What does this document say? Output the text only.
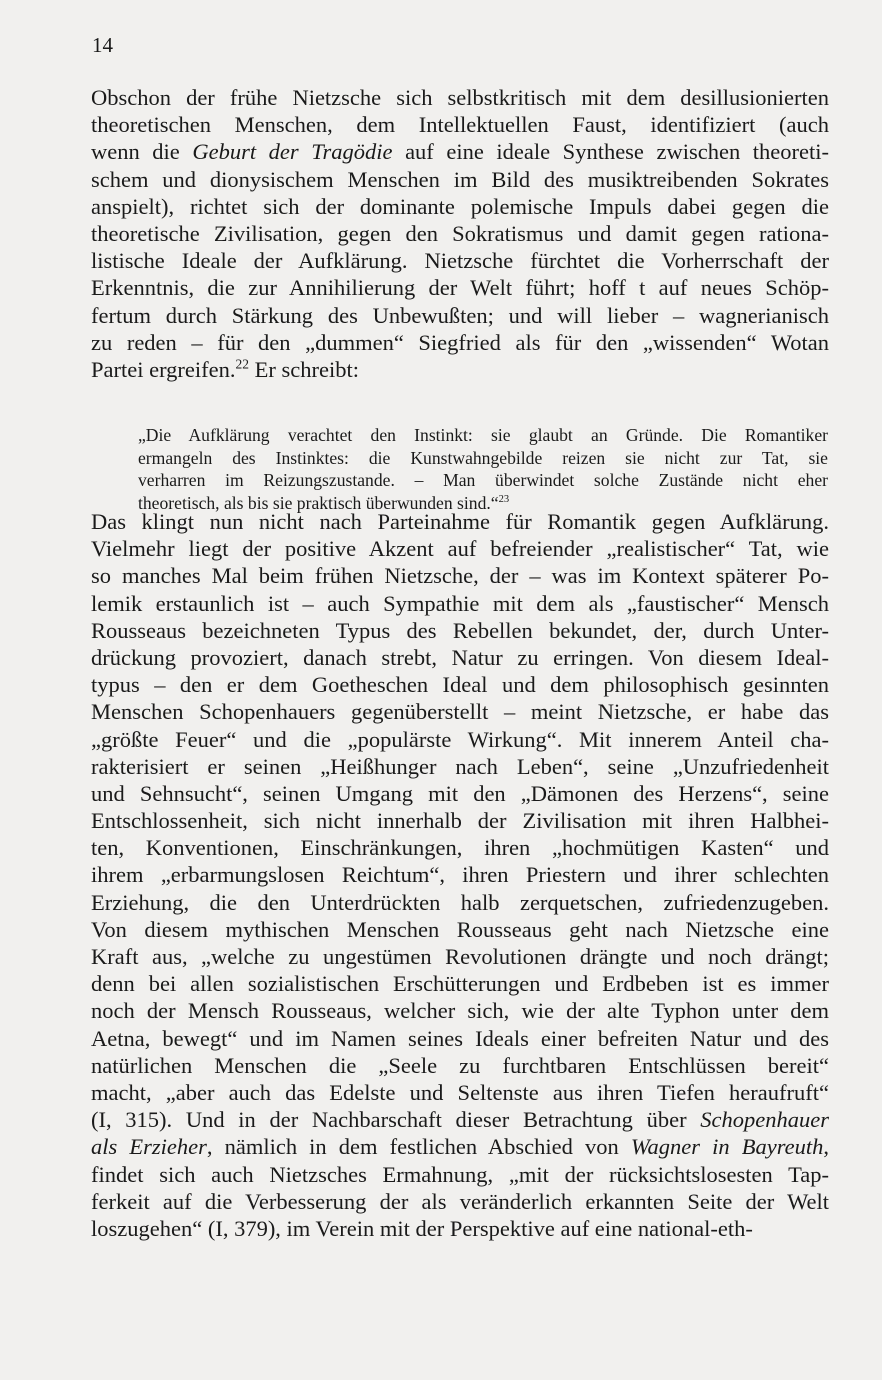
14
Obschon der frühe Nietzsche sich selbstkritisch mit dem desillusionierten
theoretischen Menschen, dem Intellektuellen Faust, identifiziert (auch
wenn die Geburt der Tragödie auf eine ideale Synthese zwischen theoreti-
schem und dionysischem Menschen im Bild des musiktreibenden Sokrates
anspielt), richtet sich der dominante polemische Impuls dabei gegen die
theoretische Zivilisation, gegen den Sokratismus und damit gegen rationa-
listische Ideale der Aufklärung. Nietzsche fürchtet die Vorherrschaft der
Erkenntnis, die zur Annihilierung der Welt führt; hoff t auf neues Schöp-
fertum durch Stärkung des Unbewußten; und will lieber – wagnerianisch
zu reden – für den „dummen“ Siegfried als für den „wissenden“ Wotan
Partei ergreifen.$^{22}$ Er schreibt:
„Die Aufklärung verachtet den Instinkt: sie glaubt an Gründe. Die Romantiker
ermangeln des Instinktes: die Kunstwahngebilde reizen sie nicht zur Tat, sie
verharren im Reizungszustande. – Man überwindet solche Zustände nicht eher
theoretisch, als bis sie praktisch überwunden sind.“$^{23}$
Das klingt nun nicht nach Parteinahme für Romantik gegen Aufklärung.
Vielmehr liegt der positive Akzent auf befreiender „realistischer“ Tat, wie
so manches Mal beim frühen Nietzsche, der – was im Kontext späterer Po-
lemik erstaunlich ist – auch Sympathie mit dem als „faustischer“ Mensch
Rousseaus bezeichneten Typus des Rebellen bekundet, der, durch Unter-
drückung provoziert, danach strebt, Natur zu erringen. Von diesem Ideal-
typus – den er dem Goetheschen Ideal und dem philosophisch gesinnten
Menschen Schopenhauers gegenüberstellt – meint Nietzsche, er habe das
„größte Feuer“ und die „populärste Wirkung“. Mit innerem Anteil cha-
rakterisiert er seinen „Heißhunger nach Leben“, seine „Unzufriedenheit
und Sehnsucht“, seinen Umgang mit den „Dämonen des Herzens“, seine
Entschlossenheit, sich nicht innerhalb der Zivilisation mit ihren Halbhei-
ten, Konventionen, Einschränkungen, ihren „hochmütigen Kasten“ und
ihrem „erbarmungslosen Reichtum“, ihren Priestern und ihrer schlechten
Erziehung, die den Unterdrückten halb zerquetschen, zufriedenzugeben.
Von diesem mythischen Menschen Rousseaus geht nach Nietzsche eine
Kraft aus, „welche zu ungestümen Revolutionen drängte und noch drängt;
denn bei allen sozialistischen Erschütterungen und Erdbeben ist es immer
noch der Mensch Rousseaus, welcher sich, wie der alte Typhon unter dem
Aetna, bewegt“ und im Namen seines Ideals einer befreiten Natur und des
natürlichen Menschen die „Seele zu furchtbaren Entschlüssen bereit“
macht, „aber auch das Edelste und Seltenste aus ihren Tiefen heraufruft“
(I, 315). Und in der Nachbarschaft dieser Betrachtung über Schopenhauer
als Erzieher, nämlich in dem festlichen Abschied von Wagner in Bayreuth,
findet sich auch Nietzsches Ermahnung, „mit der rücksichtslosesten Tap-
ferkeit auf die Verbesserung der als veränderlich erkannten Seite der Welt
loszugehen“ (I, 379), im Verein mit der Perspektive auf eine national-eth-
